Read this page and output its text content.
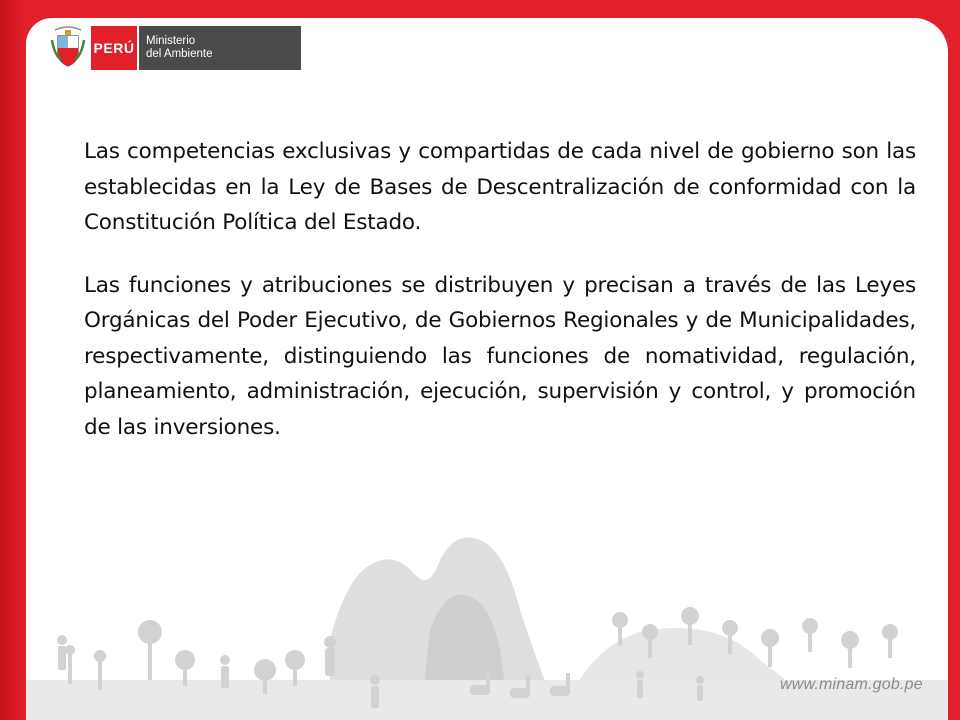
Las competencias exclusivas y compartidas de cada nivel de gobierno son las establecidas en la Ley de Bases de Descentralización de conformidad con la Constitución Política del Estado.

Las funciones y atribuciones se distribuyen y precisan a través de las Leyes Orgánicas del Poder Ejecutivo, de Gobiernos Regionales y de Municipalidades, respectivamente, distinguiendo las funciones de nomatividad, regulación, planeamiento, administración, ejecución, supervisión y control, y promoción de las inversiones.

www.minam.gob.pe
PERÚ Ministerio
del Ambiente
